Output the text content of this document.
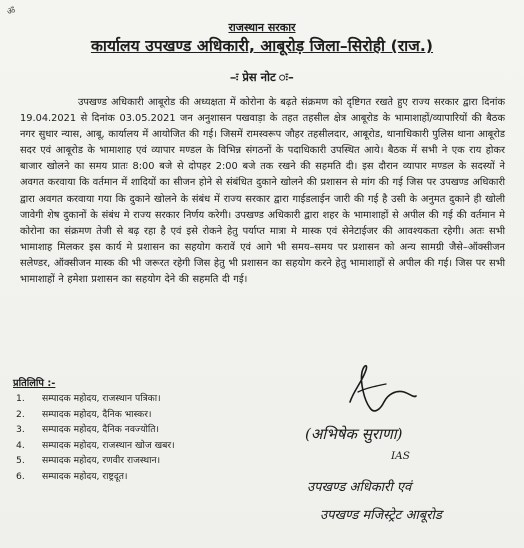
ॐ
राजस्थान सरकार
कार्यालय उपखण्ड अधिकारी, आबूरोड़ जिला–सिरोही (राज.)
–ः प्रेस नोट ः–

उपखण्ड अधिकारी आबूरोड की अध्यक्षता में कोरोना के बढ़ते संक्रमण को दृष्टिगत रखते हुए राज्य सरकार द्वारा दिनांक 19.04.2021 से दिनांक 03.05.2021 जन अनुशासन पखवाड़ा के तहत तहसील क्षेत्र आबूरोड के भामाशाहों/व्यापारियों की बैठक नगर सुधार न्यास, आबू, कार्यालय में आयोजित की गई। जिसमें रामस्वरूप जौहर तहसीलदार, आबूरोड, थानाधिकारी पुलिस थाना आबूरोड सदर एवं आबूरोड के भामाशाह एवं व्यापार मण्डल के विभिन्न संगठनों के पदाधिकारी उपस्थित आये। बैठक में सभी ने एक राय होकर बाजार खोलने का समय प्रातः 8:00 बजे से दोपहर 2:00 बजे तक रखने की सहमति दी। इस दौरान व्यापार मण्डल के सदस्यों ने अवगत करवाया कि वर्तमान में शादियों का सीजन होने से संबंधित दुकाने खोलने की प्रशासन से मांग की गई जिस पर उपखण्ड अधिकारी द्वारा अवगत करवाया गया कि दुकाने खोलने के संबंध में राज्य सरकार द्वारा गाईडलाईन जारी की गई है उसी के अनुमत दुकाने ही खोली जावेगी शेष दुकानों के संबंध मे राज्य सरकार निर्णय करेगी। उपखण्ड अधिकारी द्वारा शहर के भामाशाहों से अपील की गई की वर्तमान मे कोरोना का संक्रमण तेजी से बढ़ रहा है एवं इसे रोकने हेतु पर्याप्त मात्रा मे मास्क एवं सेनेटाईजर की आवश्यकता रहेगी। अतः सभी भामाशाह मिलकर इस कार्य मे प्रशासन का सहयोग करावें एवं आगे भी समय–समय पर प्रशासन को अन्य सामग्री जैसे–ऑक्सीजन सलेण्डर, ऑक्सीजन मास्क की भी जरूरत रहेगी जिस हेतु भी प्रशासन का सहयोग करने हेतु भामाशाहों से अपील की गई। जिस पर सभी भामाशाहों ने हमेशा प्रशासन का सहयोग देने की सहमति दी गई।

प्रतिलिपि :-
1. सम्पादक महोदय, राजस्थान पत्रिका।
2. सम्पादक महोदय, दैनिक भास्कर।
3. सम्पादक महोदय, दैनिक नवज्योति।
4. सम्पादक महोदय, राजस्थान खोज खबर।
5. सम्पादक महोदय, रणवीर राजस्थान।
6. सम्पादक महोदय, राष्ट्रदूत।
(अभिषेक सुराणा)
IAS
उपखण्ड अधिकारी एवं
उपखण्ड मजिस्ट्रेट आबूरोड
